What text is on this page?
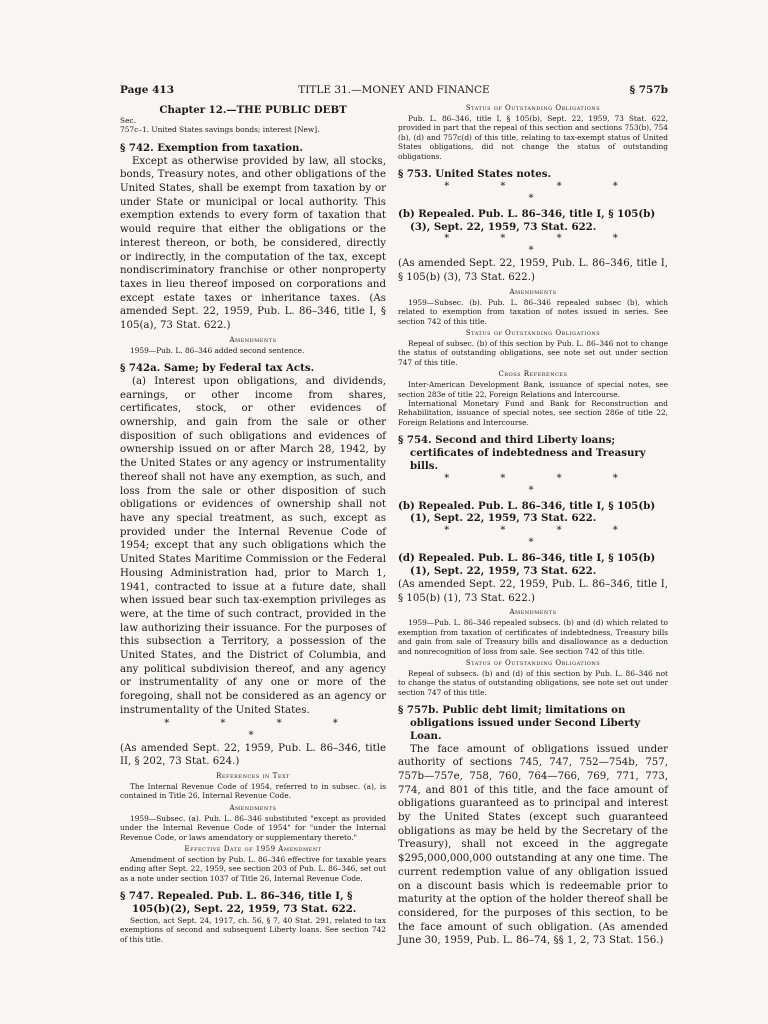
Page 413	TITLE 31.—MONEY AND FINANCE	§ 757b
Chapter 12.—THE PUBLIC DEBT
Sec.
757c–1. United States savings bonds; interest [New].
§ 742. Exemption from taxation.

Except as otherwise provided by law, all stocks, bonds, Treasury notes, and other obligations of the United States, shall be exempt from taxation by or under State or municipal or local authority. This exemption extends to every form of taxation that would require that either the obligations or the interest thereon, or both, be considered, directly or indirectly, in the computation of the tax, except nondiscriminatory franchise or other nonproperty taxes in lieu thereof imposed on corporations and except estate taxes or inheritance taxes. (As amended Sept. 22, 1959, Pub. L. 86–346, title I, § 105(a), 73 Stat. 622.)

Amendments

1959—Pub. L. 86–346 added second sentence.

§ 742a. Same; by Federal tax Acts.

(a) Interest upon obligations, and dividends, earnings, or other income from shares, certificates, stock, or other evidences of ownership, and gain from the sale or other disposition of such obligations and evidences of ownership issued on or after March 28, 1942, by the United States or any agency or instrumentality thereof shall not have any exemption, as such, and loss from the sale or other disposition of such obligations or evidences of ownership shall not have any special treatment, as such, except as provided under the Internal Revenue Code of 1954; except that any such obligations which the United States Maritime Commission or the Federal Housing Administration had, prior to March 1, 1941, contracted to issue at a future date, shall when issued bear such tax-exemption privileges as were, at the time of such contract, provided in the law authorizing their issuance. For the purposes of this subsection a Territory, a possession of the United States, and the District of Columbia, and any political subdivision thereof, and any agency or instrumentality of any one or more of the foregoing, shall not be considered as an agency or instrumentality of the United States.

* * * * *

(As amended Sept. 22, 1959, Pub. L. 86–346, title II, § 202, 73 Stat. 624.)

References in Text

The Internal Revenue Code of 1954, referred to in subsec. (a), is contained in Title 26, Internal Revenue Code.

Amendments

1959—Subsec. (a). Pub. L. 86–346 substituted "except as provided under the Internal Revenue Code of 1954" for "under the Internal Revenue Code, or laws amendatory or supplementary thereto."

Effective Date of 1959 Amendment

Amendment of section by Pub. L. 86–346 effective for taxable years ending after Sept. 22, 1959, see section 203 of Pub. L. 86–346, set out as a note under section 1037 of Title 26, Internal Revenue Code.

§ 747. Repealed. Pub. L. 86–346, title I, § 105(b)(2), Sept. 22, 1959, 73 Stat. 622.

Section, act Sept. 24, 1917, ch. 56, § 7, 40 Stat. 291, related to tax exemptions of second and subsequent Liberty loans. See section 742 of this title.

Status of Outstanding Obligations

Pub. L. 86–346, title I, § 105(b), Sept. 22, 1959, 73 Stat. 622, provided in part that the repeal of this section and sections 753(b), 754 (b), (d) and 757c(d) of this title, relating to tax-exempt status of United States obligations, did not change the status of outstanding obligations.

§ 753. United States notes.
* * * * *
(b) Repealed. Pub. L. 86–346, title I, § 105(b)(3), Sept. 22, 1959, 73 Stat. 622.
* * * * *

(As amended Sept. 22, 1959, Pub. L. 86–346, title I, § 105(b) (3), 73 Stat. 622.)

Amendments

1959—Subsec. (b). Pub. L. 86–346 repealed subsec (b), which related to exemption from taxation of notes issued in series. See section 742 of this title.

Status of Outstanding Obligations

Repeal of subsec. (b) of this section by Pub. L. 86–346 not to change the status of outstanding obligations, see note set out under section 747 of this title.

Cross References

Inter-American Development Bank, issuance of special notes, see section 283e of title 22, Foreign Relations and Intercourse.

International Monetary Fund and Bank for Reconstruction and Rehabilitation, issuance of special notes, see section 286e of title 22, Foreign Relations and Intercourse.

§ 754. Second and third Liberty loans; certificates of indebtedness and Treasury bills.
* * * * *
(b) Repealed. Pub. L. 86–346, title I, § 105(b)(1), Sept. 22, 1959, 73 Stat. 622.
* * * * *
(d) Repealed. Pub. L. 86–346, title I, § 105(b)(1), Sept. 22, 1959, 73 Stat. 622.

(As amended Sept. 22, 1959, Pub. L. 86–346, title I, § 105(b) (1), 73 Stat. 622.)

Amendments

1959—Pub. L. 86–346 repealed subsecs. (b) and (d) which related to exemption from taxation of certificates of indebtedness, Treasury bills and gain from sale of Treasury bills and disallowance as a deduction and nonrecognition of loss from sale. See section 742 of this title.

Status of Outstanding Obligations

Repeal of subsecs. (b) and (d) of this section by Pub. L. 86–346 not to change the status of outstanding obligations, see note set out under section 747 of this title.

§ 757b. Public debt limit; limitations on obligations issued under Second Liberty Loan.

The face amount of obligations issued under authority of sections 745, 747, 752—754b, 757, 757b—757e, 758, 760, 764—766, 769, 771, 773, 774, and 801 of this title, and the face amount of obligations guaranteed as to principal and interest by the United States (except such guaranteed obligations as may be held by the Secretary of the Treasury), shall not exceed in the aggregate $295,000,000,000 outstanding at any one time. The current redemption value of any obligation issued on a discount basis which is redeemable prior to maturity at the option of the holder thereof shall be considered, for the purposes of this section, to be the face amount of such obligation. (As amended June 30, 1959, Pub. L. 86–74, §§ 1, 2, 73 Stat. 156.)
